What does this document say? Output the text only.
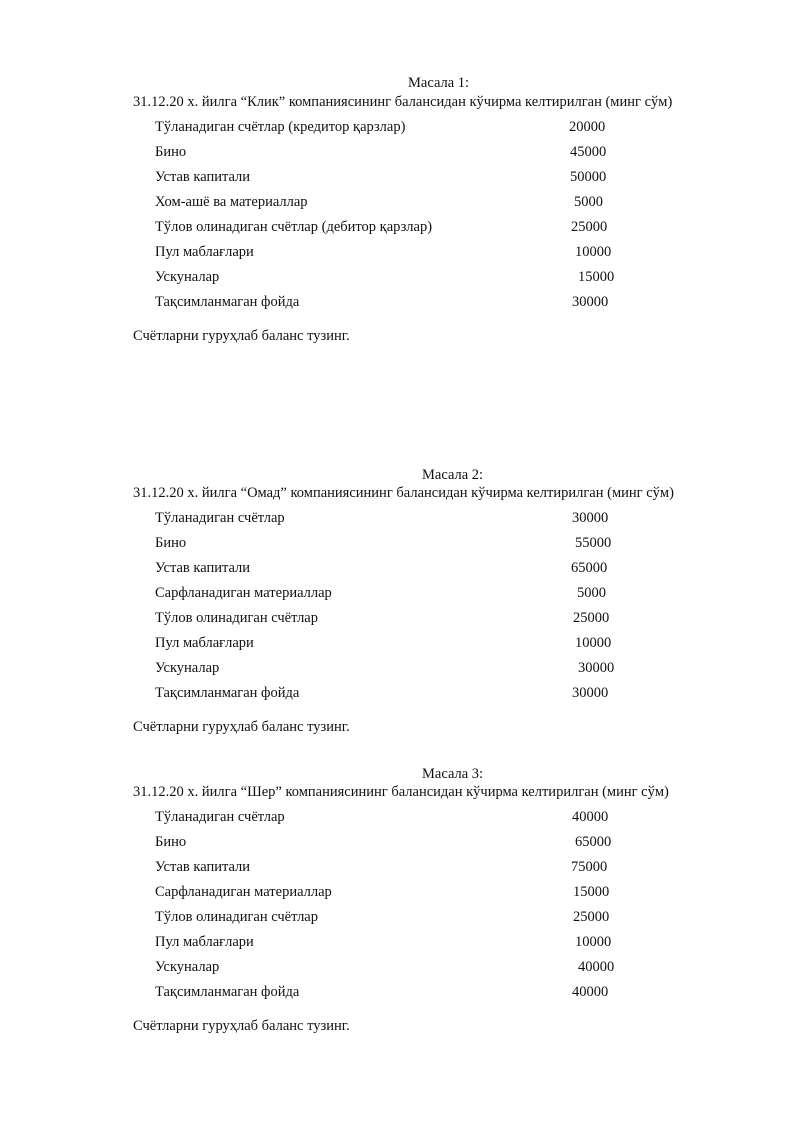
Масала 1:
31.12.20 х. йилга “Клик” компаниясининг балансидан кўчирма келтирилган (минг сўм)
Тўланадиган счётлар (кредитор қарзлар)	20000
Бино	45000
Устав капитали	50000
Хом-ашё ва материаллар	5000
Тўлов олинадиган счётлар (дебитор қарзлар)	25000
Пул маблағлари	10000
Ускуналар	15000
Тақсимланмаган фойда	30000
Счётларни гуруҳлаб баланс тузинг.
Масала 2:
31.12.20 х. йилга “Омад” компаниясининг балансидан кўчирма келтирилган (минг сўм)
Тўланадиган счётлар	30000
Бино	55000
Устав капитали	65000
Сарфланадиган материаллар	5000
Тўлов олинадиган счётлар	25000
Пул маблағлари	10000
Ускуналар	30000
Тақсимланмаган фойда	30000
Счётларни гуруҳлаб баланс тузинг.
Масала 3:
31.12.20 х. йилга “Шер” компаниясининг балансидан кўчирма келтирилган (минг сўм)
Тўланадиган счётлар	40000
Бино	65000
Устав капитали	75000
Сарфланадиган материаллар	15000
Тўлов олинадиган счётлар	25000
Пул маблағлари	10000
Ускуналар	40000
Тақсимланмаган фойда	40000
Счётларни гуруҳлаб баланс тузинг.
